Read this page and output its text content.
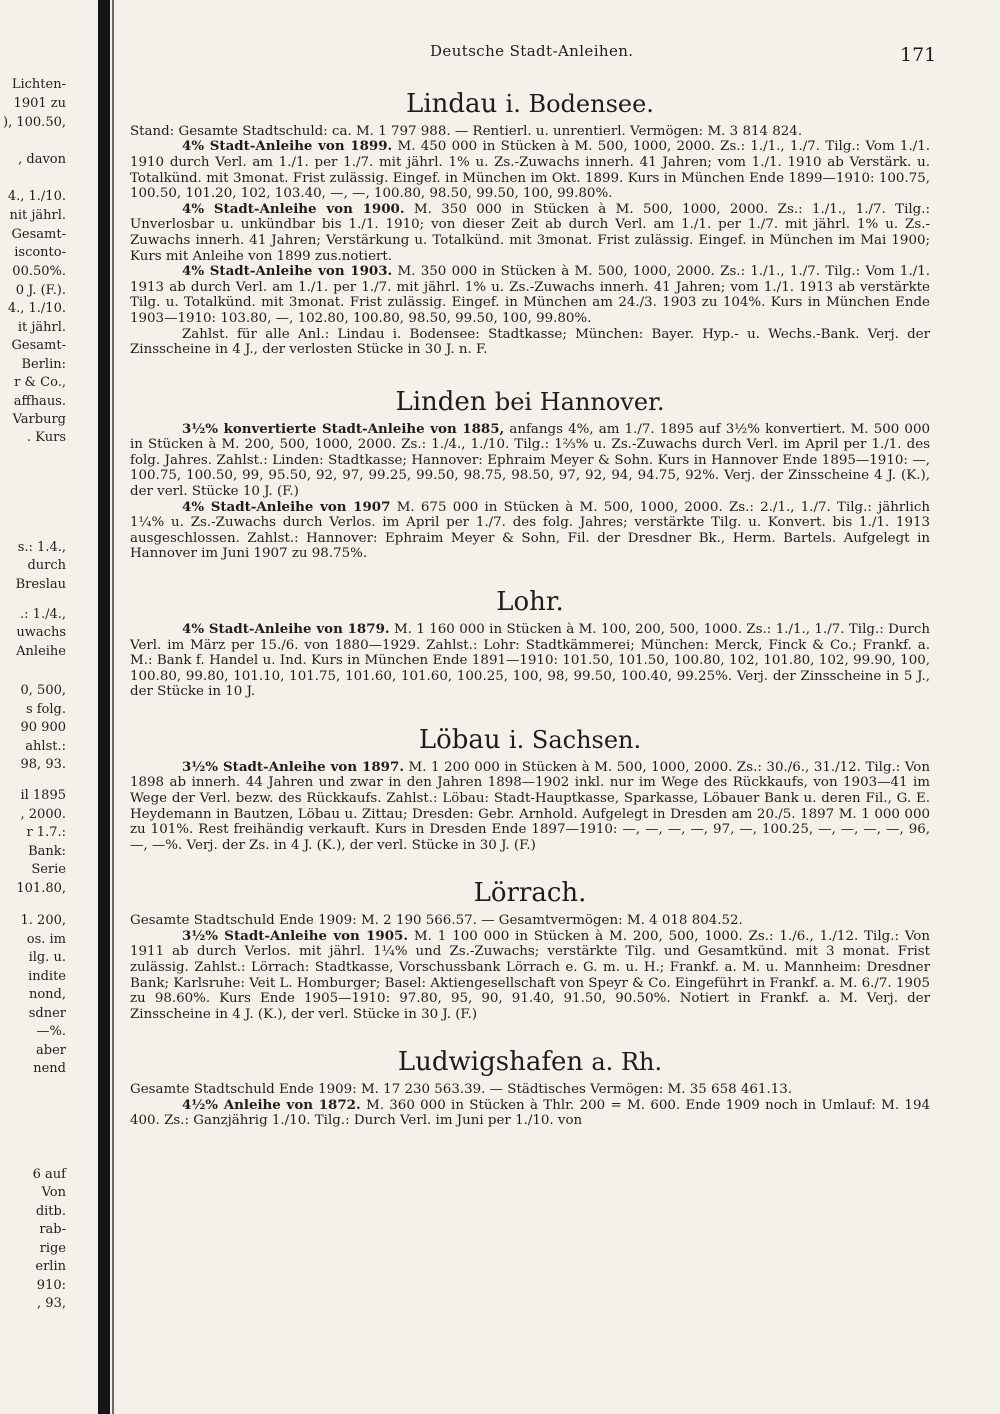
Lichten-
1901 zu
), 100.50,
, davon
4., 1./10.
nit jährl.
Gesamt-
isconto-
00.50%.
0 J. (F.).
4., 1./10.
it jährl.
Gesamt-
Berlin:
r & Co.,
affhaus.
Varburg
. Kurs
s.: 1.4.,
durch
Breslau
.: 1./4.,
uwachs
Anleihe
0, 500,
s folg.
90 900
ahlst.:
98, 93.
il 1895
, 2000.
r 1.7.:
Bank:
Serie
101.80,
1. 200,
os. im
ilg. u.
indite
nond,
sdner
—%.
aber
nend
6 auf
Von
ditb.
rab-
rige
erlin
910:
, 93,
Deutsche Stadt-Anleihen.	171
Lindau i. Bodensee.

Stand: Gesamte Stadtschuld: ca. M. 1 797 988. — Rentierl. u. unrentierl. Vermögen: M. 3 814 824.

4% Stadt-Anleihe von 1899. M. 450 000 in Stücken à M. 500, 1000, 2000. Zs.: 1./1., 1./7. Tilg.: Vom 1./1. 1910 durch Verl. am 1./1. per 1./7. mit jährl. 1% u. Zs.-Zuwachs innerh. 41 Jahren; vom 1./1. 1910 ab Verstärk. u. Totalkünd. mit 3monat. Frist zulässig. Eingef. in München im Okt. 1899. Kurs in München Ende 1899—1910: 100.75, 100.50, 101.20, 102, 103.40, —, —, 100.80, 98.50, 99.50, 100, 99.80%.

4% Stadt-Anleihe von 1900. M. 350 000 in Stücken à M. 500, 1000, 2000. Zs.: 1./1., 1./7. Tilg.: Unverlosbar u. unkündbar bis 1./1. 1910; von dieser Zeit ab durch Verl. am 1./1. per 1./7. mit jährl. 1% u. Zs.-Zuwachs innerh. 41 Jahren; Verstärkung u. Totalkünd. mit 3monat. Frist zulässig. Eingef. in München im Mai 1900; Kurs mit Anleihe von 1899 zus.notiert.

4% Stadt-Anleihe von 1903. M. 350 000 in Stücken à M. 500, 1000, 2000. Zs.: 1./1., 1./7. Tilg.: Vom 1./1. 1913 ab durch Verl. am 1./1. per 1./7. mit jährl. 1% u. Zs.-Zuwachs innerh. 41 Jahren; vom 1./1. 1913 ab verstärkte Tilg. u. Totalkünd. mit 3monat. Frist zulässig. Eingef. in München am 24./3. 1903 zu 104%. Kurs in München Ende 1903—1910: 103.80, —, 102.80, 100.80, 98.50, 99.50, 100, 99.80%.

Zahlst. für alle Anl.: Lindau i. Bodensee: Stadtkasse; München: Bayer. Hyp.- u. Wechs.-Bank. Verj. der Zinsscheine in 4 J., der verlosten Stücke in 30 J. n. F.

Linden bei Hannover.

3½% konvertierte Stadt-Anleihe von 1885, anfangs 4%, am 1./7. 1895 auf 3½% konvertiert. M. 500 000 in Stücken à M. 200, 500, 1000, 2000. Zs.: 1./4., 1./10. Tilg.: 1⅔% u. Zs.-Zuwachs durch Verl. im April per 1./1. des folg. Jahres. Zahlst.: Linden: Stadtkasse; Hannover: Ephraim Meyer & Sohn. Kurs in Hannover Ende 1895—1910: —, 100.75, 100.50, 99, 95.50, 92, 97, 99.25, 99.50, 98.75, 98.50, 97, 92, 94, 94.75, 92%. Verj. der Zinsscheine 4 J. (K.), der verl. Stücke 10 J. (F.)

4% Stadt-Anleihe von 1907 M. 675 000 in Stücken à M. 500, 1000, 2000. Zs.: 2./1., 1./7. Tilg.: jährlich 1¼% u. Zs.-Zuwachs durch Verlos. im April per 1./7. des folg. Jahres; verstärkte Tilg. u. Konvert. bis 1./1. 1913 ausgeschlossen. Zahlst.: Hannover: Ephraim Meyer & Sohn, Fil. der Dresdner Bk., Herm. Bartels. Aufgelegt in Hannover im Juni 1907 zu 98.75%.

Lohr.

4% Stadt-Anleihe von 1879. M. 1 160 000 in Stücken à M. 100, 200, 500, 1000. Zs.: 1./1., 1./7. Tilg.: Durch Verl. im März per 15./6. von 1880—1929. Zahlst.: Lohr: Stadtkämmerei; München: Merck, Finck & Co.; Frankf. a. M.: Bank f. Handel u. Ind. Kurs in München Ende 1891—1910: 101.50, 101.50, 100.80, 102, 101.80, 102, 99.90, 100, 100.80, 99.80, 101.10, 101.75, 101.60, 101.60, 100.25, 100, 98, 99.50, 100.40, 99.25%. Verj. der Zinsscheine in 5 J., der Stücke in 10 J.

Löbau i. Sachsen.

3½% Stadt-Anleihe von 1897. M. 1 200 000 in Stücken à M. 500, 1000, 2000. Zs.: 30./6., 31./12. Tilg.: Von 1898 ab innerh. 44 Jahren und zwar in den Jahren 1898—1902 inkl. nur im Wege des Rückkaufs, von 1903—41 im Wege der Verl. bezw. des Rückkaufs. Zahlst.: Löbau: Stadt-Hauptkasse, Sparkasse, Löbauer Bank u. deren Fil., G. E. Heydemann in Bautzen, Löbau u. Zittau; Dresden: Gebr. Arnhold. Aufgelegt in Dresden am 20./5. 1897 M. 1 000 000 zu 101%. Rest freihändig verkauft. Kurs in Dresden Ende 1897—1910: —, —, —, —, 97, —, 100.25, —, —, —, —, 96, —, —%. Verj. der Zs. in 4 J. (K.), der verl. Stücke in 30 J. (F.)

Lörrach.

Gesamte Stadtschuld Ende 1909: M. 2 190 566.57. — Gesamtvermögen: M. 4 018 804.52.

3½% Stadt-Anleihe von 1905. M. 1 100 000 in Stücken à M. 200, 500, 1000. Zs.: 1./6., 1./12. Tilg.: Von 1911 ab durch Verlos. mit jährl. 1¼% und Zs.-Zuwachs; verstärkte Tilg. und Gesamtkünd. mit 3 monat. Frist zulässig. Zahlst.: Lörrach: Stadtkasse, Vorschussbank Lörrach e. G. m. u. H.; Frankf. a. M. u. Mannheim: Dresdner Bank; Karlsruhe: Veit L. Homburger; Basel: Aktiengesellschaft von Speyr & Co. Eingeführt in Frankf. a. M. 6./7. 1905 zu 98.60%. Kurs Ende 1905—1910: 97.80, 95, 90, 91.40, 91.50, 90.50%. Notiert in Frankf. a. M. Verj. der Zinsscheine in 4 J. (K.), der verl. Stücke in 30 J. (F.)

Ludwigshafen a. Rh.

Gesamte Stadtschuld Ende 1909: M. 17 230 563.39. — Städtisches Vermögen: M. 35 658 461.13.

4½% Anleihe von 1872. M. 360 000 in Stücken à Thlr. 200 = M. 600. Ende 1909 noch in Umlauf: M. 194 400. Zs.: Ganzjährig 1./10. Tilg.: Durch Verl. im Juni per 1./10. von
